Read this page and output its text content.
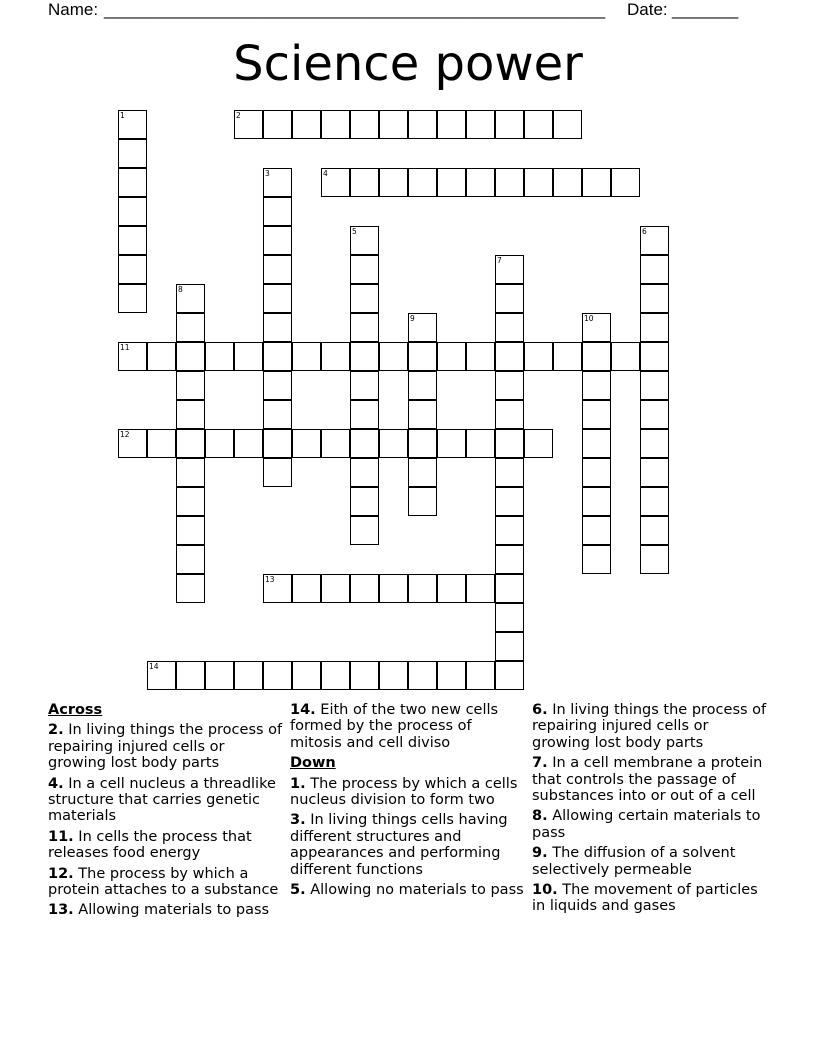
Name: _____________________________________________________ Date: _______
Science power
1	2
3	4
5	6
7
8
9	10
11
12
13
14
Across
2. In living things the process of repairing injured cells or growing lost body parts
4. In a cell nucleus a threadlike structure that carries genetic materials
11. In cells the process that releases food energy
12. The process by which a protein attaches to a substance
13. Allowing materials to pass
14. Eith of the two new cells formed by the process of mitosis and cell diviso
Down
1. The process by which a cells nucleus division to form two
3. In living things cells having different structures and appearances and performing different functions
5. Allowing no materials to pass
6. In living things the process of repairing injured cells or growing lost body parts
7. In a cell membrane a protein that controls the passage of substances into or out of a cell
8. Allowing certain materials to pass
9. The diffusion of a solvent selectively permeable
10. The movement of particles in liquids and gases
